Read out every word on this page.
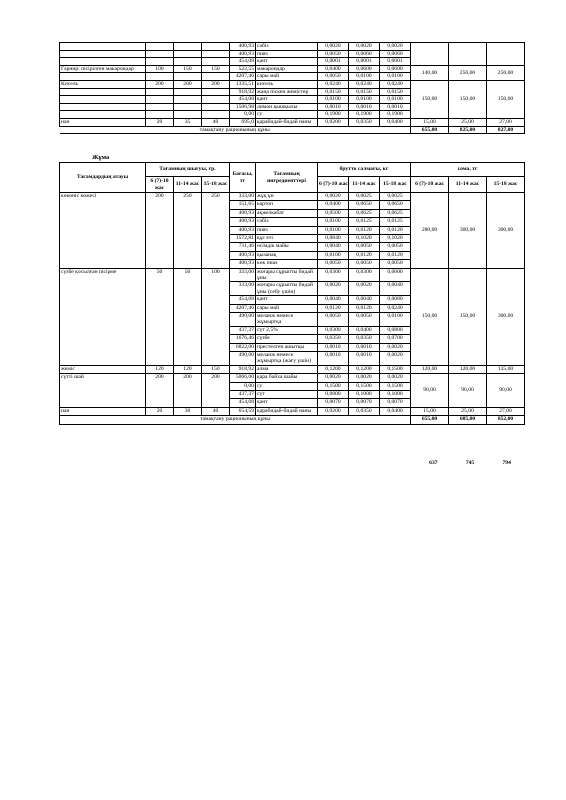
				400,93	сәбіз	0,0020	0,0020	0,0020			
				400,93	пияз	0,0050	0,0060	0,0060			
				454,08	қант	0,0001	0,0001	0,0001			
Гарнир: пісірілген макарондар	100	150	150	522,55	макарондар	0,0400	0,0600	0,0600	140,00	250,00	250,00
				4207,46	сары май	0,0050	0,0100	0,0100			
Кисель	200	200	200	1335,51	кисель	0,0240	0,0240	0,0240	150,00	150,00	150,00
				918,92	жаңа піскен жемістер	0,0150	0,0150	0,0150			
				454,08	қант	0,0100	0,0100	0,0100			
				1506,98	лимон қышқылы	0,0010	0,0010	0,0010			
				0,00	су	0,1900	0,1900	0,1900			
нан	20	35	40	695,0	қарабидай-бидай наны	0,0200	0,0350	0,0400	15,00	25,00	27,00
тамақтану рационының құны									655,00	825,00	827,00
Жұма
Тағамдардың атауы	Тағамның шығуы, гр.			Бағасы, тг	Тағамның ингредиенттері	брутто салмағы, кг			сома, тг		
	6 (7)-10 жас	11-14 жас	15-18 жас			6 (7)-10 жас	11-14 жас	15-18 жас	6 (7)-10 жас	11-14 жас	15-18 жас
көкөніс көжесі	200	250	250	333,00	жұқ ұн	0,0020	0,0025	0,0025	280,00	300,00	300,00
				151,65	картоп	0,0400	0,0650	0,0650			
				400,93	ақжелкабат	0,0500	0,0625	0,0625			
				400,93	сәбіз	0,0100	0,0125	0,0125			
				400,93	пияз	0,0100	0,0120	0,0120			
				1572,81	құс еті	0,0840	0,1020	0,1020			
				711,46	өсімдік майы	0,0040	0,0050	0,0050			
				400,93	қызанақ	0,0100	0,0120	0,0120			
				400,93	көк пиаз	0,0050	0,0050	0,0050			
сүзбе қосылған пісірме	50	50	100	333,00	жоғары сұрыпты бидай ұны	0,0300	0,0300	0,0600	150,00	150,00	300,00
				333,00	жоғары сұрыпты бидай ұны (себу үшін)	0,0020	0,0020	0,0040			
				454,08	қант	0,0040	0,0040	0,0080			
				4207,46	сары май	0,0120	0,0120	0,0240			
				490,00	меланж немесе жұмыртқа	0,0050	0,0050	0,0100			
				437,37	сүт 2,5%	0,0300	0,0400	0,0800			
				1676,46	сүзбе	0,0350	0,0350	0,0700			
				6822,00	престелген ашытқы	0,0010	0,0010	0,0020			
				490,00	меланж немесе жұмыртқа (жағу үшін)	0,0010	0,0010	0,0020			
жеміс	120	120	150	918,92	алма	0,1200	0,1200	0,1500	120,00	120,00	135,00
сүтті шай	200	200	200	5066,00	қара байха шайы	0,0020	0,0020	0,0020	90,00	90,00	90,00
				0,00	су	0,1500	0,1500	0,1500			
				437,37	сүт	0,0800	0,1000	0,1000			
				454,08	қант	0,0070	0,0070	0,0070			
нан	20	30	40	654,59	қарабидай-бидай наны	0,0200	0,0350	0,0400	15,00	25,00	27,00
тамақтану рационының құны									655,00	685,00	852,00
637	745	794
